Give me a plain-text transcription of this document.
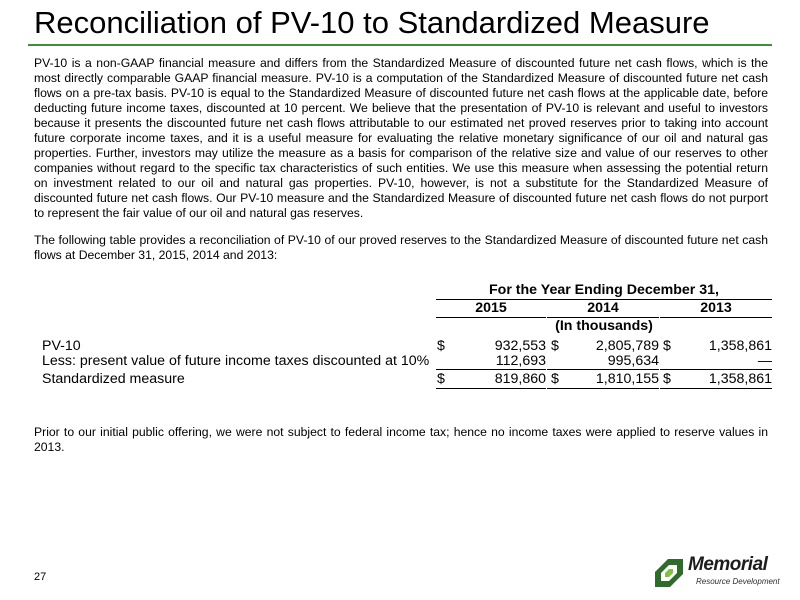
Reconciliation of PV-10 to Standardized Measure

PV-10 is a non-GAAP financial measure and differs from the Standardized Measure of discounted future net cash flows, which is the most directly comparable GAAP financial measure. PV-10 is a computation of the Standardized Measure of discounted future net cash flows on a pre-tax basis. PV-10 is equal to the Standardized Measure of discounted future net cash flows at the applicable date, before deducting future income taxes, discounted at 10 percent. We believe that the presentation of PV-10 is relevant and useful to investors because it presents the discounted future net cash flows attributable to our estimated net proved reserves prior to taking into account future corporate income taxes, and it is a useful measure for evaluating the relative monetary significance of our oil and natural gas properties. Further, investors may utilize the measure as a basis for comparison of the relative size and value of our reserves to other companies without regard to the specific tax characteristics of such entities. We use this measure when assessing the potential return on investment related to our oil and natural gas properties. PV-10, however, is not a substitute for the Standardized Measure of discounted future net cash flows. Our PV-10 measure and the Standardized Measure of discounted future net cash flows do not purport to represent the fair value of our oil and natural gas reserves.

The following table provides a reconciliation of PV-10 of our proved reserves to the Standardized Measure of discounted future net cash flows at December 31, 2015, 2014 and 2013:

For the Year Ending December 31,
2015	2014	2013
(In thousands)
PV-10	$	932,553 $	2,805,789 $	1,358,861
Less: present value of future income taxes discounted at 10%	112,693	995,634	—
Standardized measure	$	819,860 $	1,810,155 $	1,358,861

Prior to our initial public offering, we were not subject to federal income tax; hence no income taxes were applied to reserve values in 2013.

27
Memorial
Resource Development
